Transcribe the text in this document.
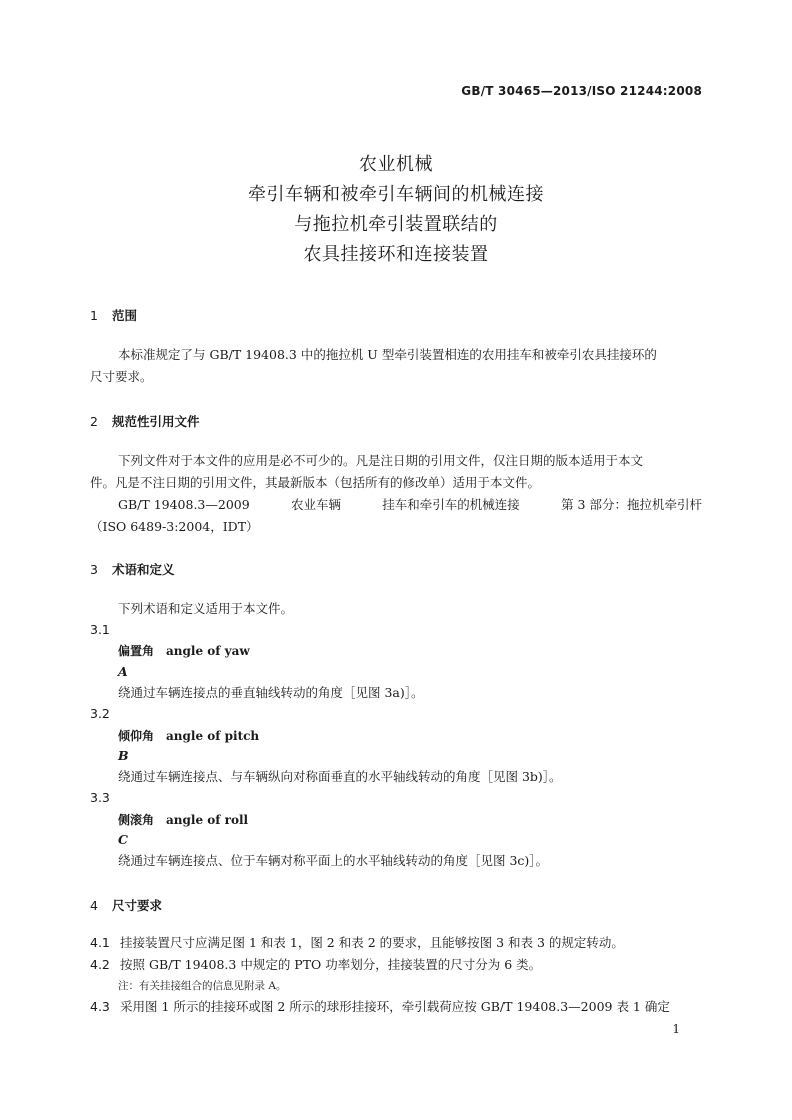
GB/T 30465—2013/ISO 21244:2008

农业机械

牵引车辆和被牵引车辆间的机械连接

与拖拉机牵引装置联结的

农具挂接环和连接装置

1 范围

本标准规定了与 GB/T 19408.3 中的拖拉机 U 型牵引装置相连的农用挂车和被牵引农具挂接环的

尺寸要求。

2 规范性引用文件

下列文件对于本文件的应用是必不可少的。凡是注日期的引用文件，仅注日期的版本适用于本文

件。凡是不注日期的引用文件，其最新版本（包括所有的修改单）适用于本文件。

GB/T 19408.3—2009	农业车辆	挂车和牵引车的机械连接	第 3 部分：拖拉机牵引杆

（ISO 6489-3:2004，IDT）

3 术语和定义

下列术语和定义适用于本文件。

3.1

偏置角 angle of yaw

A

绕通过车辆连接点的垂直轴线转动的角度［见图 3a)］。

3.2

倾仰角 angle of pitch

B

绕通过车辆连接点、与车辆纵向对称面垂直的水平轴线转动的角度［见图 3b)］。

3.3

侧滚角 angle of roll

C

绕通过车辆连接点、位于车辆对称平面上的水平轴线转动的角度［见图 3c)］。

4 尺寸要求

4.1 挂接装置尺寸应满足图 1 和表 1，图 2 和表 2 的要求，且能够按图 3 和表 3 的规定转动。

4.2 按照 GB/T 19408.3 中规定的 PTO 功率划分，挂接装置的尺寸分为 6 类。

注：有关挂接组合的信息见附录 A。

4.3 采用图 1 所示的挂接环或图 2 所示的球形挂接环，牵引载荷应按 GB/T 19408.3—2009 表 1 确定

1
